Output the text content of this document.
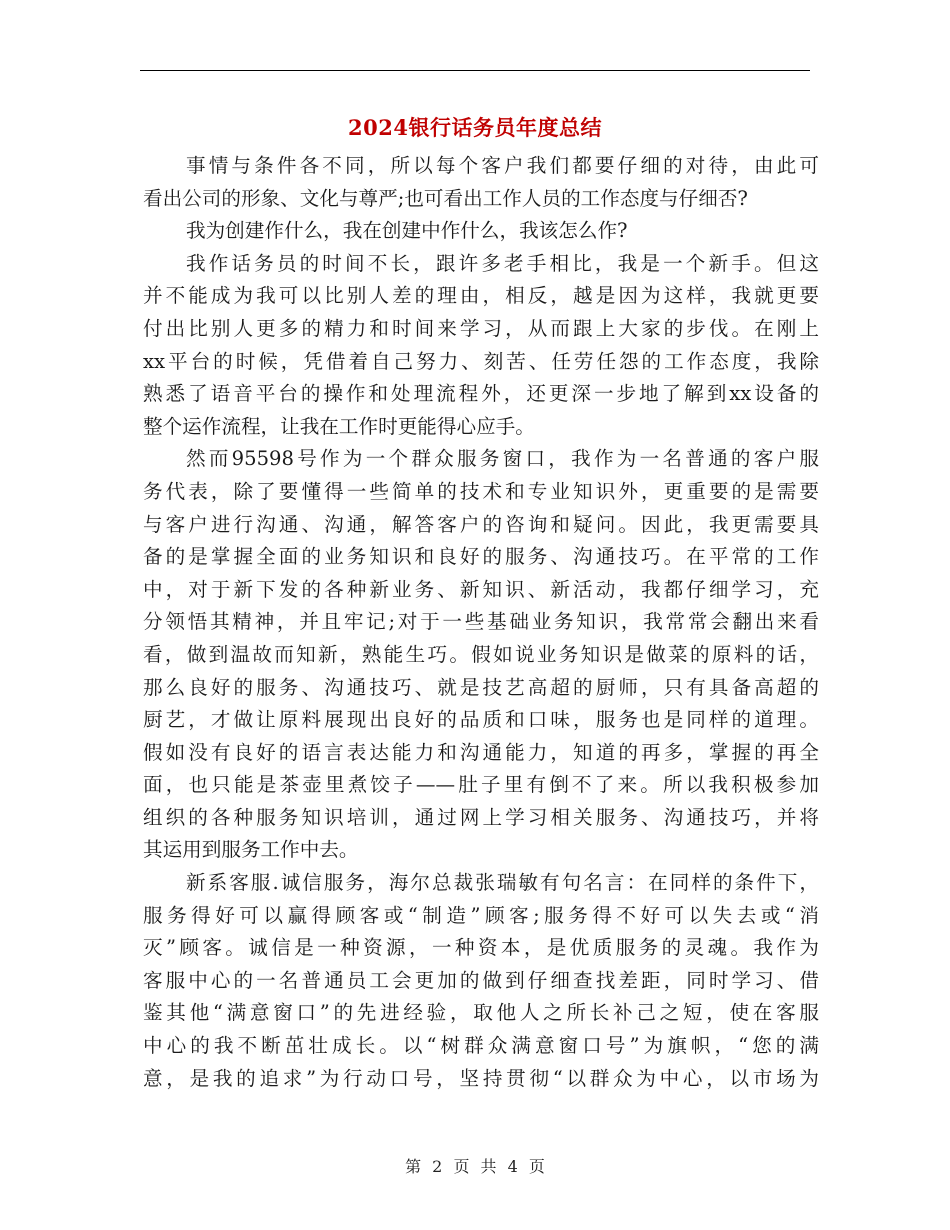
2024银行话务员年度总结
事情与条件各不同，所以每个客户我们都要仔细的对待，由此可
看出公司的形象、文化与尊严;也可看出工作人员的工作态度与仔细否?
我为创建作什么，我在创建中作什么，我该怎么作?
我作话务员的时间不长，跟许多老手相比，我是一个新手。但这
并不能成为我可以比别人差的理由，相反，越是因为这样，我就更要
付出比别人更多的精力和时间来学习，从而跟上大家的步伐。在刚上
xx平台的时候，凭借着自己努力、刻苦、任劳任怨的工作态度，我除
熟悉了语音平台的操作和处理流程外，还更深一步地了解到xx设备的
整个运作流程，让我在工作时更能得心应手。
然而95598号作为一个群众服务窗口，我作为一名普通的客户服
务代表，除了要懂得一些简单的技术和专业知识外，更重要的是需要
与客户进行沟通、沟通，解答客户的咨询和疑问。因此，我更需要具
备的是掌握全面的业务知识和良好的服务、沟通技巧。在平常的工作
中，对于新下发的各种新业务、新知识、新活动，我都仔细学习，充
分领悟其精神，并且牢记;对于一些基础业务知识，我常常会翻出来看
看，做到温故而知新，熟能生巧。假如说业务知识是做菜的原料的话，
那么良好的服务、沟通技巧、就是技艺高超的厨师，只有具备高超的
厨艺，才做让原料展现出良好的品质和口味，服务也是同样的道理。
假如没有良好的语言表达能力和沟通能力，知道的再多，掌握的再全
面，也只能是茶壶里煮饺子——肚子里有倒不了来。所以我积极参加
组织的各种服务知识培训，通过网上学习相关服务、沟通技巧，并将
其运用到服务工作中去。
新系客服.诚信服务，海尔总裁张瑞敏有句名言：在同样的条件下，
服务得好可以赢得顾客或“制造”顾客;服务得不好可以失去或“消
灭”顾客。诚信是一种资源，一种资本，是优质服务的灵魂。我作为
客服中心的一名普通员工会更加的做到仔细查找差距，同时学习、借
鉴其他“满意窗口”的先进经验，取他人之所长补己之短，使在客服
中心的我不断茁壮成长。以“树群众满意窗口号”为旗帜，“您的满
意，是我的追求”为行动口号，坚持贯彻“以群众为中心，以市场为
第 2 页 共 4 页
